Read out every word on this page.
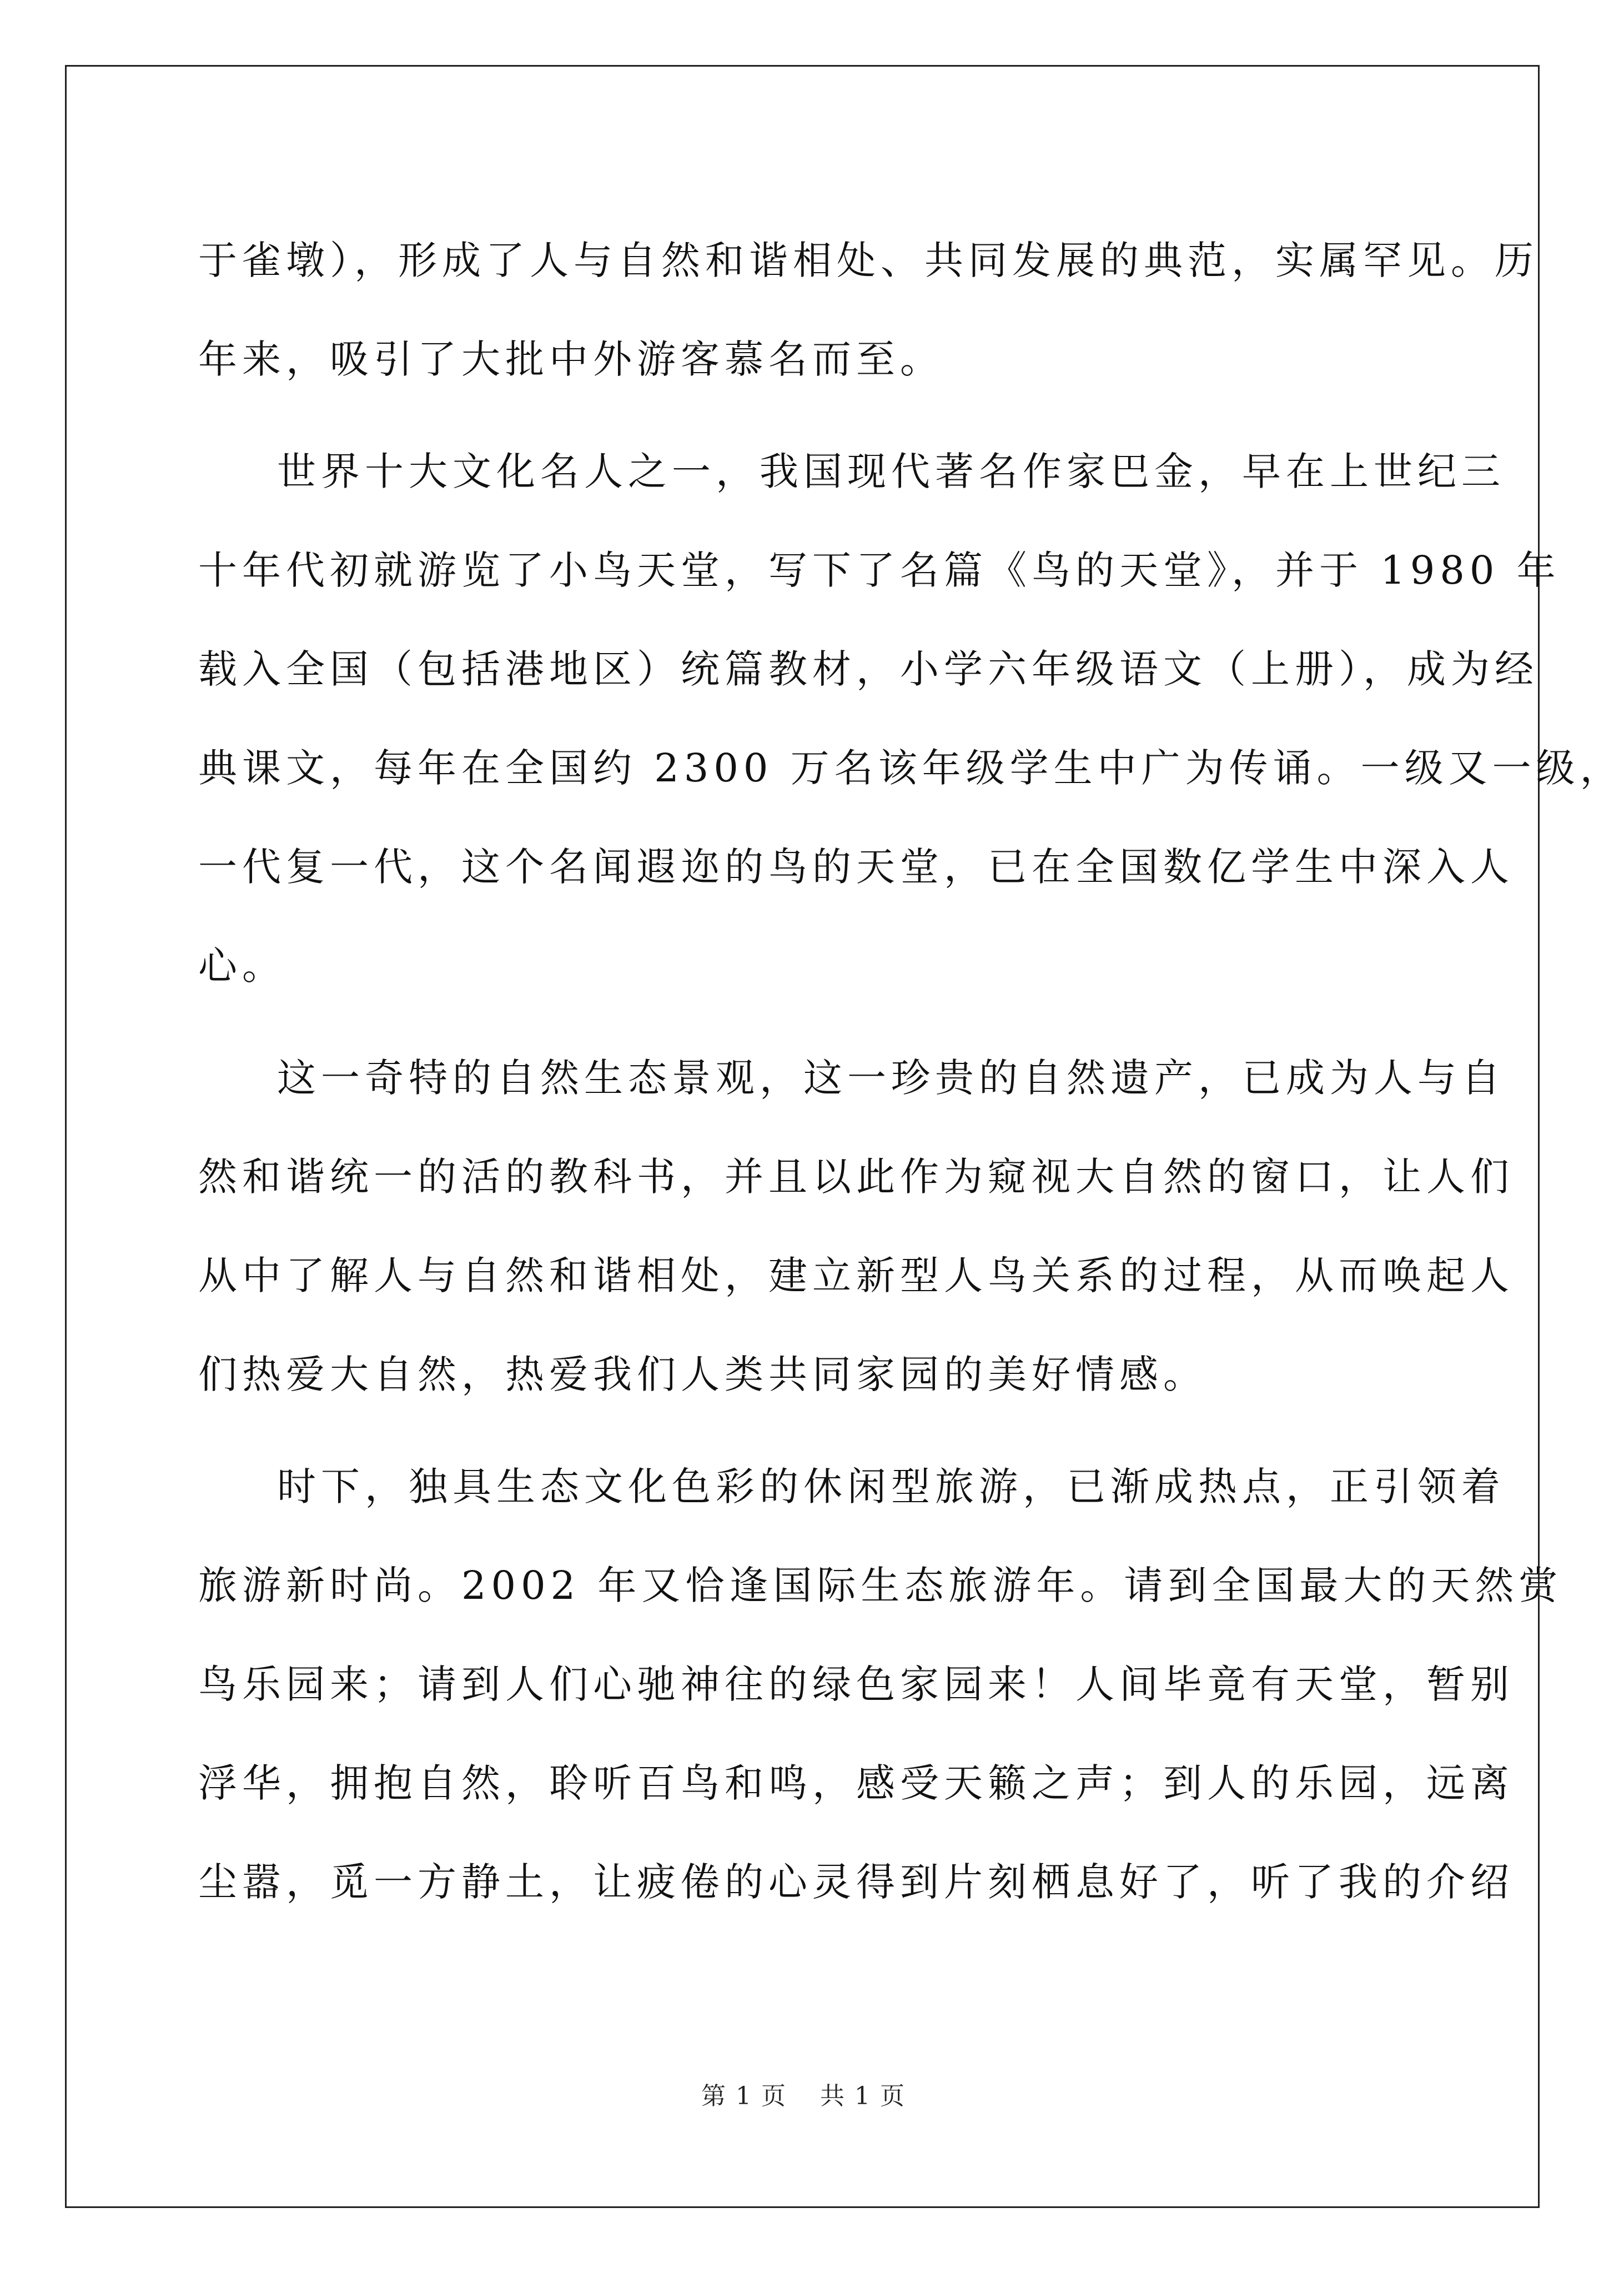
于雀墩），形成了人与自然和谐相处、共同发展的典范，实属罕见。历
年来，吸引了大批中外游客慕名而至。
世界十大文化名人之一，我国现代著名作家巴金，早在上世纪三
十年代初就游览了小鸟天堂，写下了名篇《鸟的天堂》，并于 1980 年
载入全国（包括港地区）统篇教材，小学六年级语文（上册），成为经
典课文，每年在全国约 2300 万名该年级学生中广为传诵。一级又一级，
一代复一代，这个名闻遐迩的鸟的天堂，已在全国数亿学生中深入人
心。
这一奇特的自然生态景观，这一珍贵的自然遗产，已成为人与自
然和谐统一的活的教科书，并且以此作为窥视大自然的窗口，让人们
从中了解人与自然和谐相处，建立新型人鸟关系的过程，从而唤起人
们热爱大自然，热爱我们人类共同家园的美好情感。
时下，独具生态文化色彩的休闲型旅游，已渐成热点，正引领着
旅游新时尚。2002 年又恰逢国际生态旅游年。请到全国最大的天然赏
鸟乐园来；请到人们心驰神往的绿色家园来！人间毕竟有天堂，暂别
浮华，拥抱自然，聆听百鸟和鸣，感受天籁之声；到人的乐园，远离
尘嚣，觅一方静土，让疲倦的心灵得到片刻栖息好了，听了我的介绍
第 1 页 共 1 页
